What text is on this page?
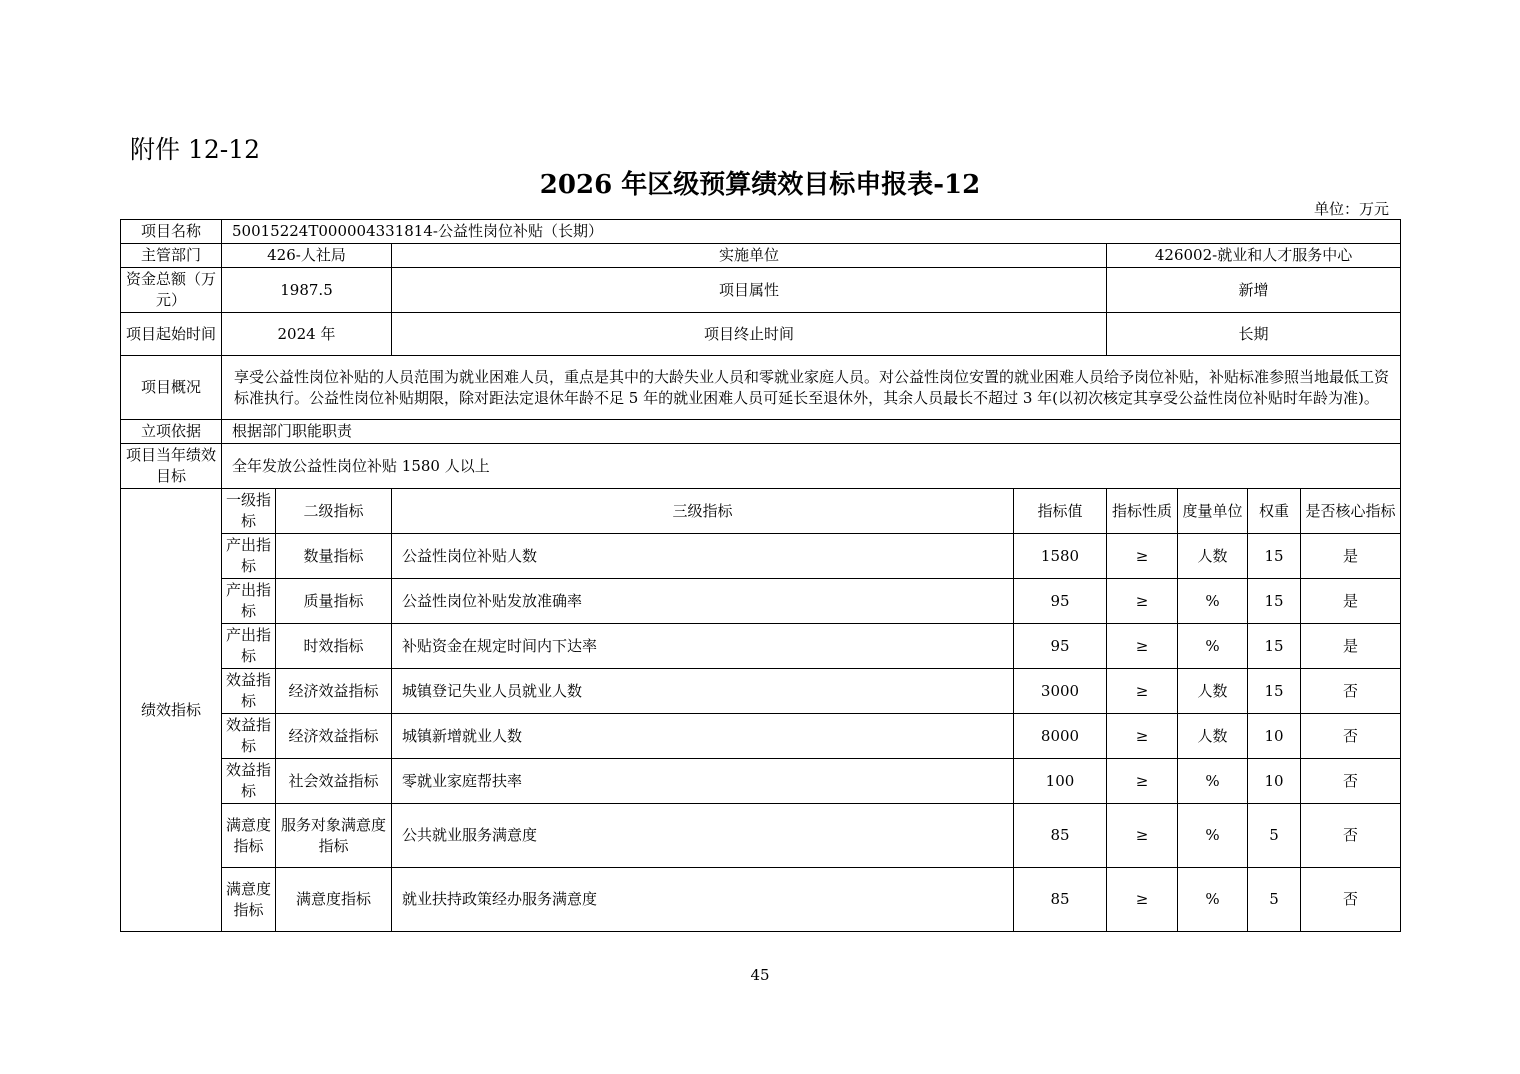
附件 12-12
2026 年区级预算绩效目标申报表-12
单位：万元
项目名称	50015224T000004331814-公益性岗位补贴（长期）							
主管部门	426-人社局		实施单位		426002-就业和人才服务中心			
资金总额（万元）	1987.5		项目属性		新增			
项目起始时间	2024 年		项目终止时间		长期			
项目概况	享受公益性岗位补贴的人员范围为就业困难人员，重点是其中的大龄失业人员和零就业家庭人员。对公益性岗位安置的就业困难人员给予岗位补贴，补贴标准参照当地最低工资标准执行。公益性岗位补贴期限，除对距法定退休年龄不足 5 年的就业困难人员可延长至退休外，其余人员最长不超过 3 年(以初次核定其享受公益性岗位补贴时年龄为准)。							
立项依据	根据部门职能职责							
项目当年绩效目标	全年发放公益性岗位补贴 1580 人以上							
绩效指标	一级指标	二级指标	三级指标	指标值	指标性质	度量单位	权重	是否核心指标
	产出指标	数量指标	公益性岗位补贴人数	1580	≥	人数	15	是
	产出指标	质量指标	公益性岗位补贴发放准确率	95	≥	%	15	是
	产出指标	时效指标	补贴资金在规定时间内下达率	95	≥	%	15	是
	效益指标	经济效益指标	城镇登记失业人员就业人数	3000	≥	人数	15	否
	效益指标	经济效益指标	城镇新增就业人数	8000	≥	人数	10	否
	效益指标	社会效益指标	零就业家庭帮扶率	100	≥	%	10	否
	满意度指标	服务对象满意度指标	公共就业服务满意度	85	≥	%	5	否
	满意度指标	满意度指标	就业扶持政策经办服务满意度	85	≥	%	5	否
45
